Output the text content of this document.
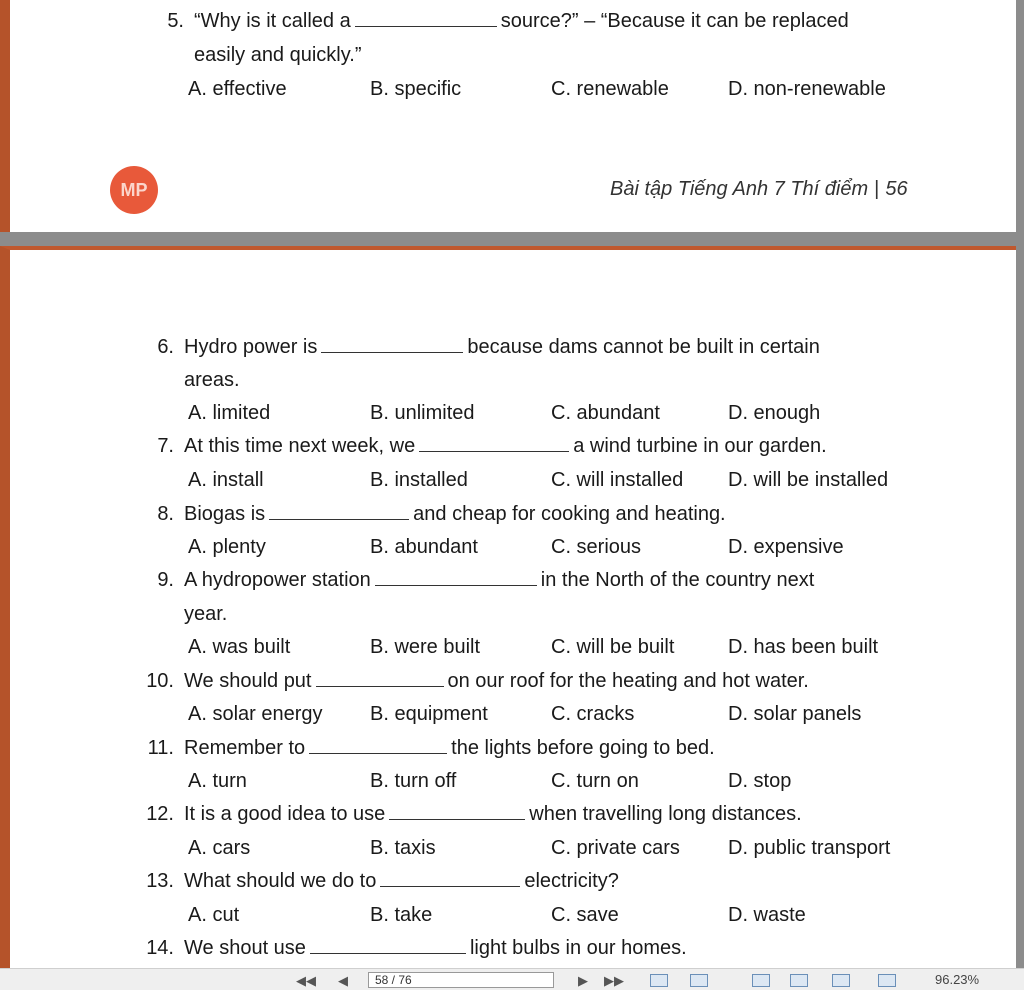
5. “Why is it called a	source?” – “Because it can be replaced
easily and quickly.”
A. effective	B. specific	C. renewable	D. non-renewable
MP	Bài tập Tiếng Anh 7 Thí điểm | 56
6. Hydro power is	because dams cannot be built in certain
areas.
A. limited	B. unlimited	C. abundant	D. enough
7. At this time next week, we	a wind turbine in our garden.
A. install	B. installed	C. will installed D. will be installed
8. Biogas is	and cheap for cooking and heating.
A. plenty	B. abundant	C. serious	D. expensive
9. A hydropower station	in the North of the country next
year.
A. was built	B. were built	C. will be built	D. has been built
10. We should put	on our roof for the heating and hot water.
A. solar energy B. equipment	C. cracks	D. solar panels
11. Remember to	the lights before going to bed.
A. turn	B. turn off	C. turn on	D. stop
12. It is a good idea to use	when travelling long distances.
A. cars	B. taxis	C. private cars D. public transport
13. What should we do to	electricity?
A. cut	B. take	C. save	D. waste
14. We shout use	light bulbs in our homes.
◀◀ ◀	58 / 76	▶ ▶▶	96.23%
